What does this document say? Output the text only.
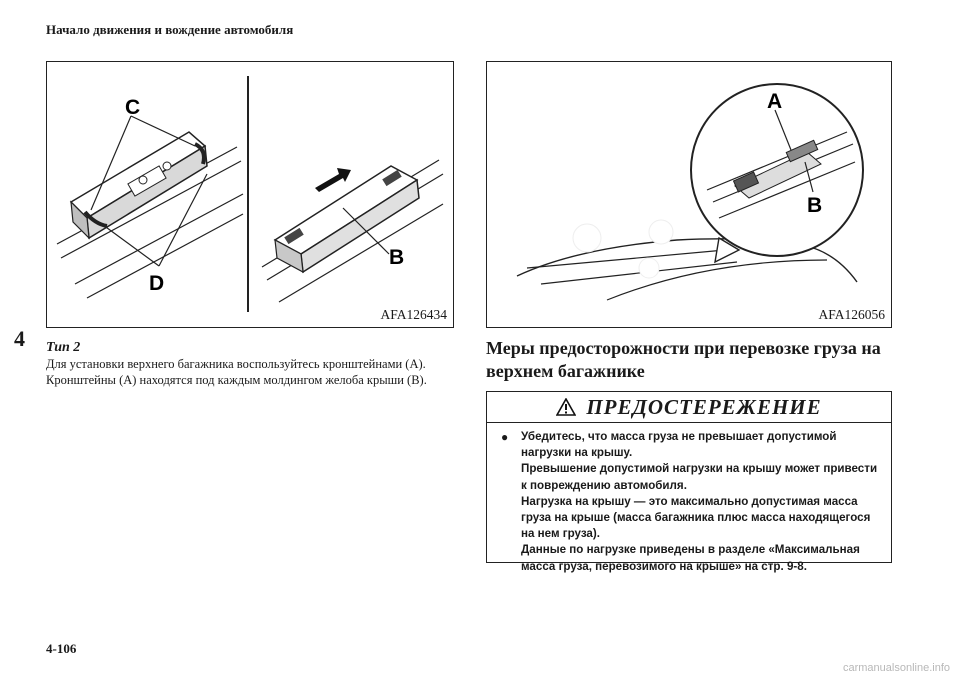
Начало движения и вождение автомобиля
4
C
D
B
AFA126434
A
B
AFA126056
Тип 2
Для установки верхнего багажника воспользуйтесь кронштейнами (A). Кронштейны (A) находятся под каждым молдингом желоба крыши (B).
Меры предосторожности при перевозке груза на верхнем багажнике
ПРЕДОСТЕРЕЖЕНИЕ
● Убедитесь, что масса груза не превышает допустимой нагрузки на крышу.

Превышение допустимой нагрузки на крышу может привести к повреждению автомобиля.

Нагрузка на крышу — это максимально допустимая масса груза на крыше (масса багажника плюс масса находящегося на нем груза).

Данные по нагрузке приведены в разделе «Максимальная масса груза, перевозимого на крыше» на стр. 9-8.

4-106
carmanualsonline.info
